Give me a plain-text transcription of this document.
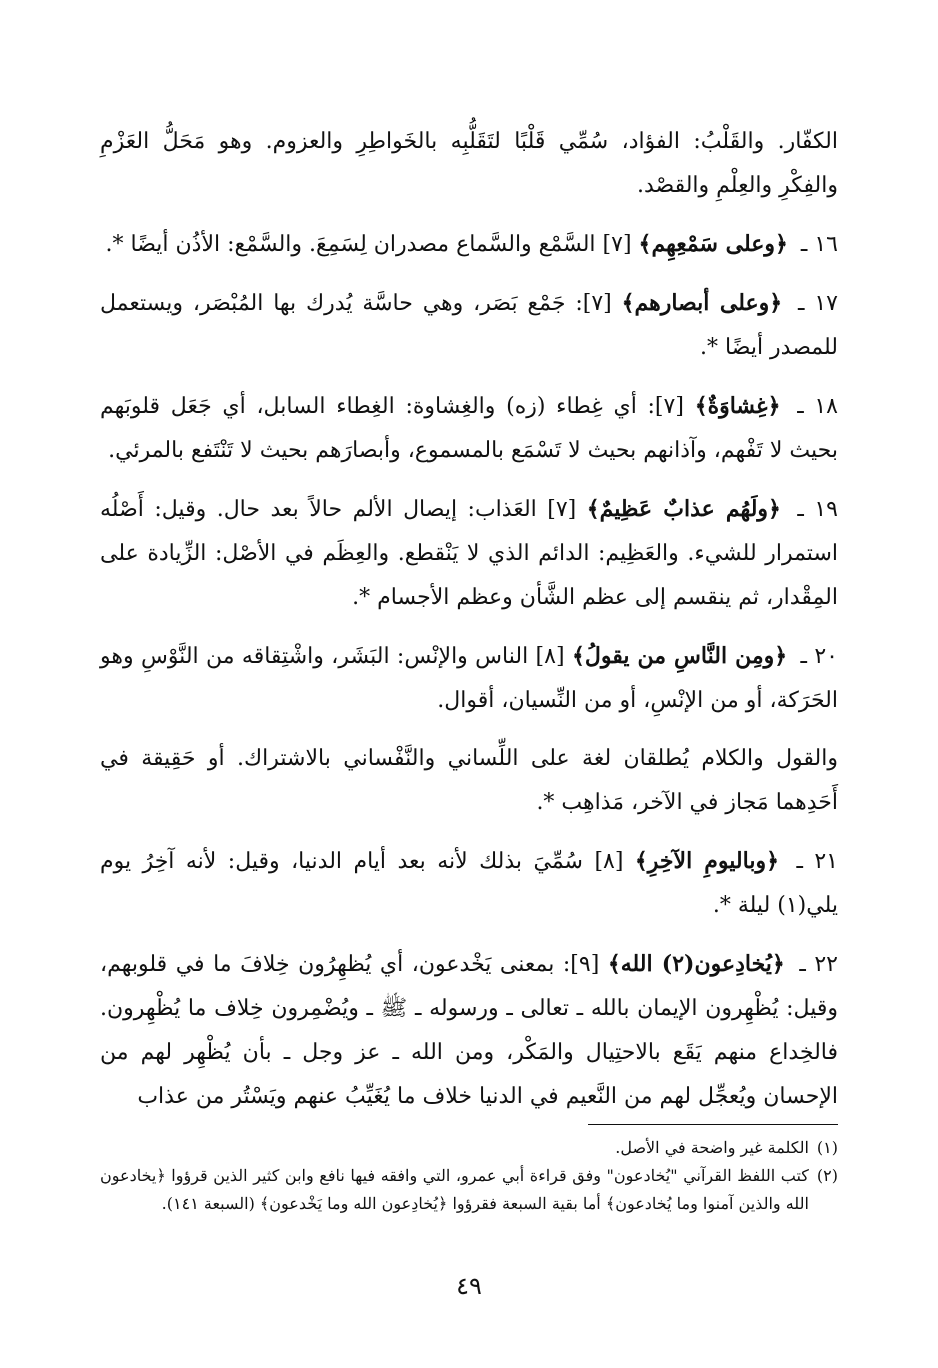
الكفّار. والقَلْبُ: الفؤاد، سُمِّي قَلْبًا لتَقَلُّبِه بالخَواطِرِ والعزوم. وهو مَحَلُّ العَزْمِ والفِكْرِ والعِلْمِ والقصْد.

١٦ ـ ﴿وعلى سَمْعِهِم﴾ [٧] السَّمْع والسَّماع مصدران لِسَمِعَ. والسَّمْع: الأذُن أيضًا *.

١٧ ـ ﴿وعلى أبصارهم﴾ [٧]: جَمْع بَصَر، وهي حاسَّة يُدرك بها المُبْصَر، ويستعمل للمصدر أيضًا *.

١٨ ـ ﴿غِشاوَةٌ﴾ [٧]: أي غِطاء (زه) والغِشاوة: الغِطاء السابل، أي جَعَل قلوبَهم بحيث لا تَفْهم، وآذانهم بحيث لا تَسْمَع بالمسموع، وأبصارَهم بحيث لا تَنْتَفع بالمرئي.

١٩ ـ ﴿ولَهُم عذابٌ عَظِيمٌ﴾ [٧] العَذاب: إيصال الألم حالاً بعد حال. وقيل: أَصْلُه استمرار للشيء. والعَظِيم: الدائم الذي لا يَنْقطع. والعِظَم في الأصْل: الزِّيادة على المِقْدار، ثم ينقسم إلى عظم الشَّأن وعظم الأجسام *.

٢٠ ـ ﴿ومِن النَّاسِ من يقولُ﴾ [٨] الناس والإنْس: البَشَر، واشْتِقاقه من النَّوْسِ وهو الحَرَكة، أو من الإنْسِ، أو من النِّسيان، أقوال.

والقول والكلام يُطلقان لغة على اللِّساني والنَّفْساني بالاشتراك. أو حَقِيقة في أَحَدِهما مَجاز في الآخر، مَذاهِب *.

٢١ ـ ﴿وباليومِ الآخِرِ﴾ [٨] سُمِّيَ بذلك لأنه بعد أيام الدنيا، وقيل: لأنه آخِرُ يوم يلي(١) ليلة *.

٢٢ ـ ﴿يُخادِعون(٢) الله﴾ [٩]: بمعنى يَخْدعون، أي يُظهِرُون خِلافَ ما في قلوبهم، وقيل: يُظْهِرون الإيمان بالله ـ تعالى ـ ورسوله ـ ﷺ ـ ويُضْمِرون خِلاف ما يُظْهِرون. فالخِداع منهم يَقَع بالاحتِيال والمَكْر، ومن الله ـ عز وجل ـ بأن يُظْهِر لهم من الإحسان ويُعجِّل لهم من النَّعيم في الدنيا خلاف ما يُغَيِّبُ عنهم ويَسْتُر من عذاب

(١)
الكلمة غير واضحة في الأصل.

(٢)
كتب اللفظ القرآني "يُخادعون" وفق قراءة أبي عمرو، التي وافقه فيها نافع وابن كثير الذين قرؤوا ﴿يخادعون الله والذين آمنوا وما يُخادعون﴾ أما بقية السبعة فقرؤوا ﴿يُخادِعون الله وما يَخْدعون﴾ (السبعة ١٤١).

٤٩
